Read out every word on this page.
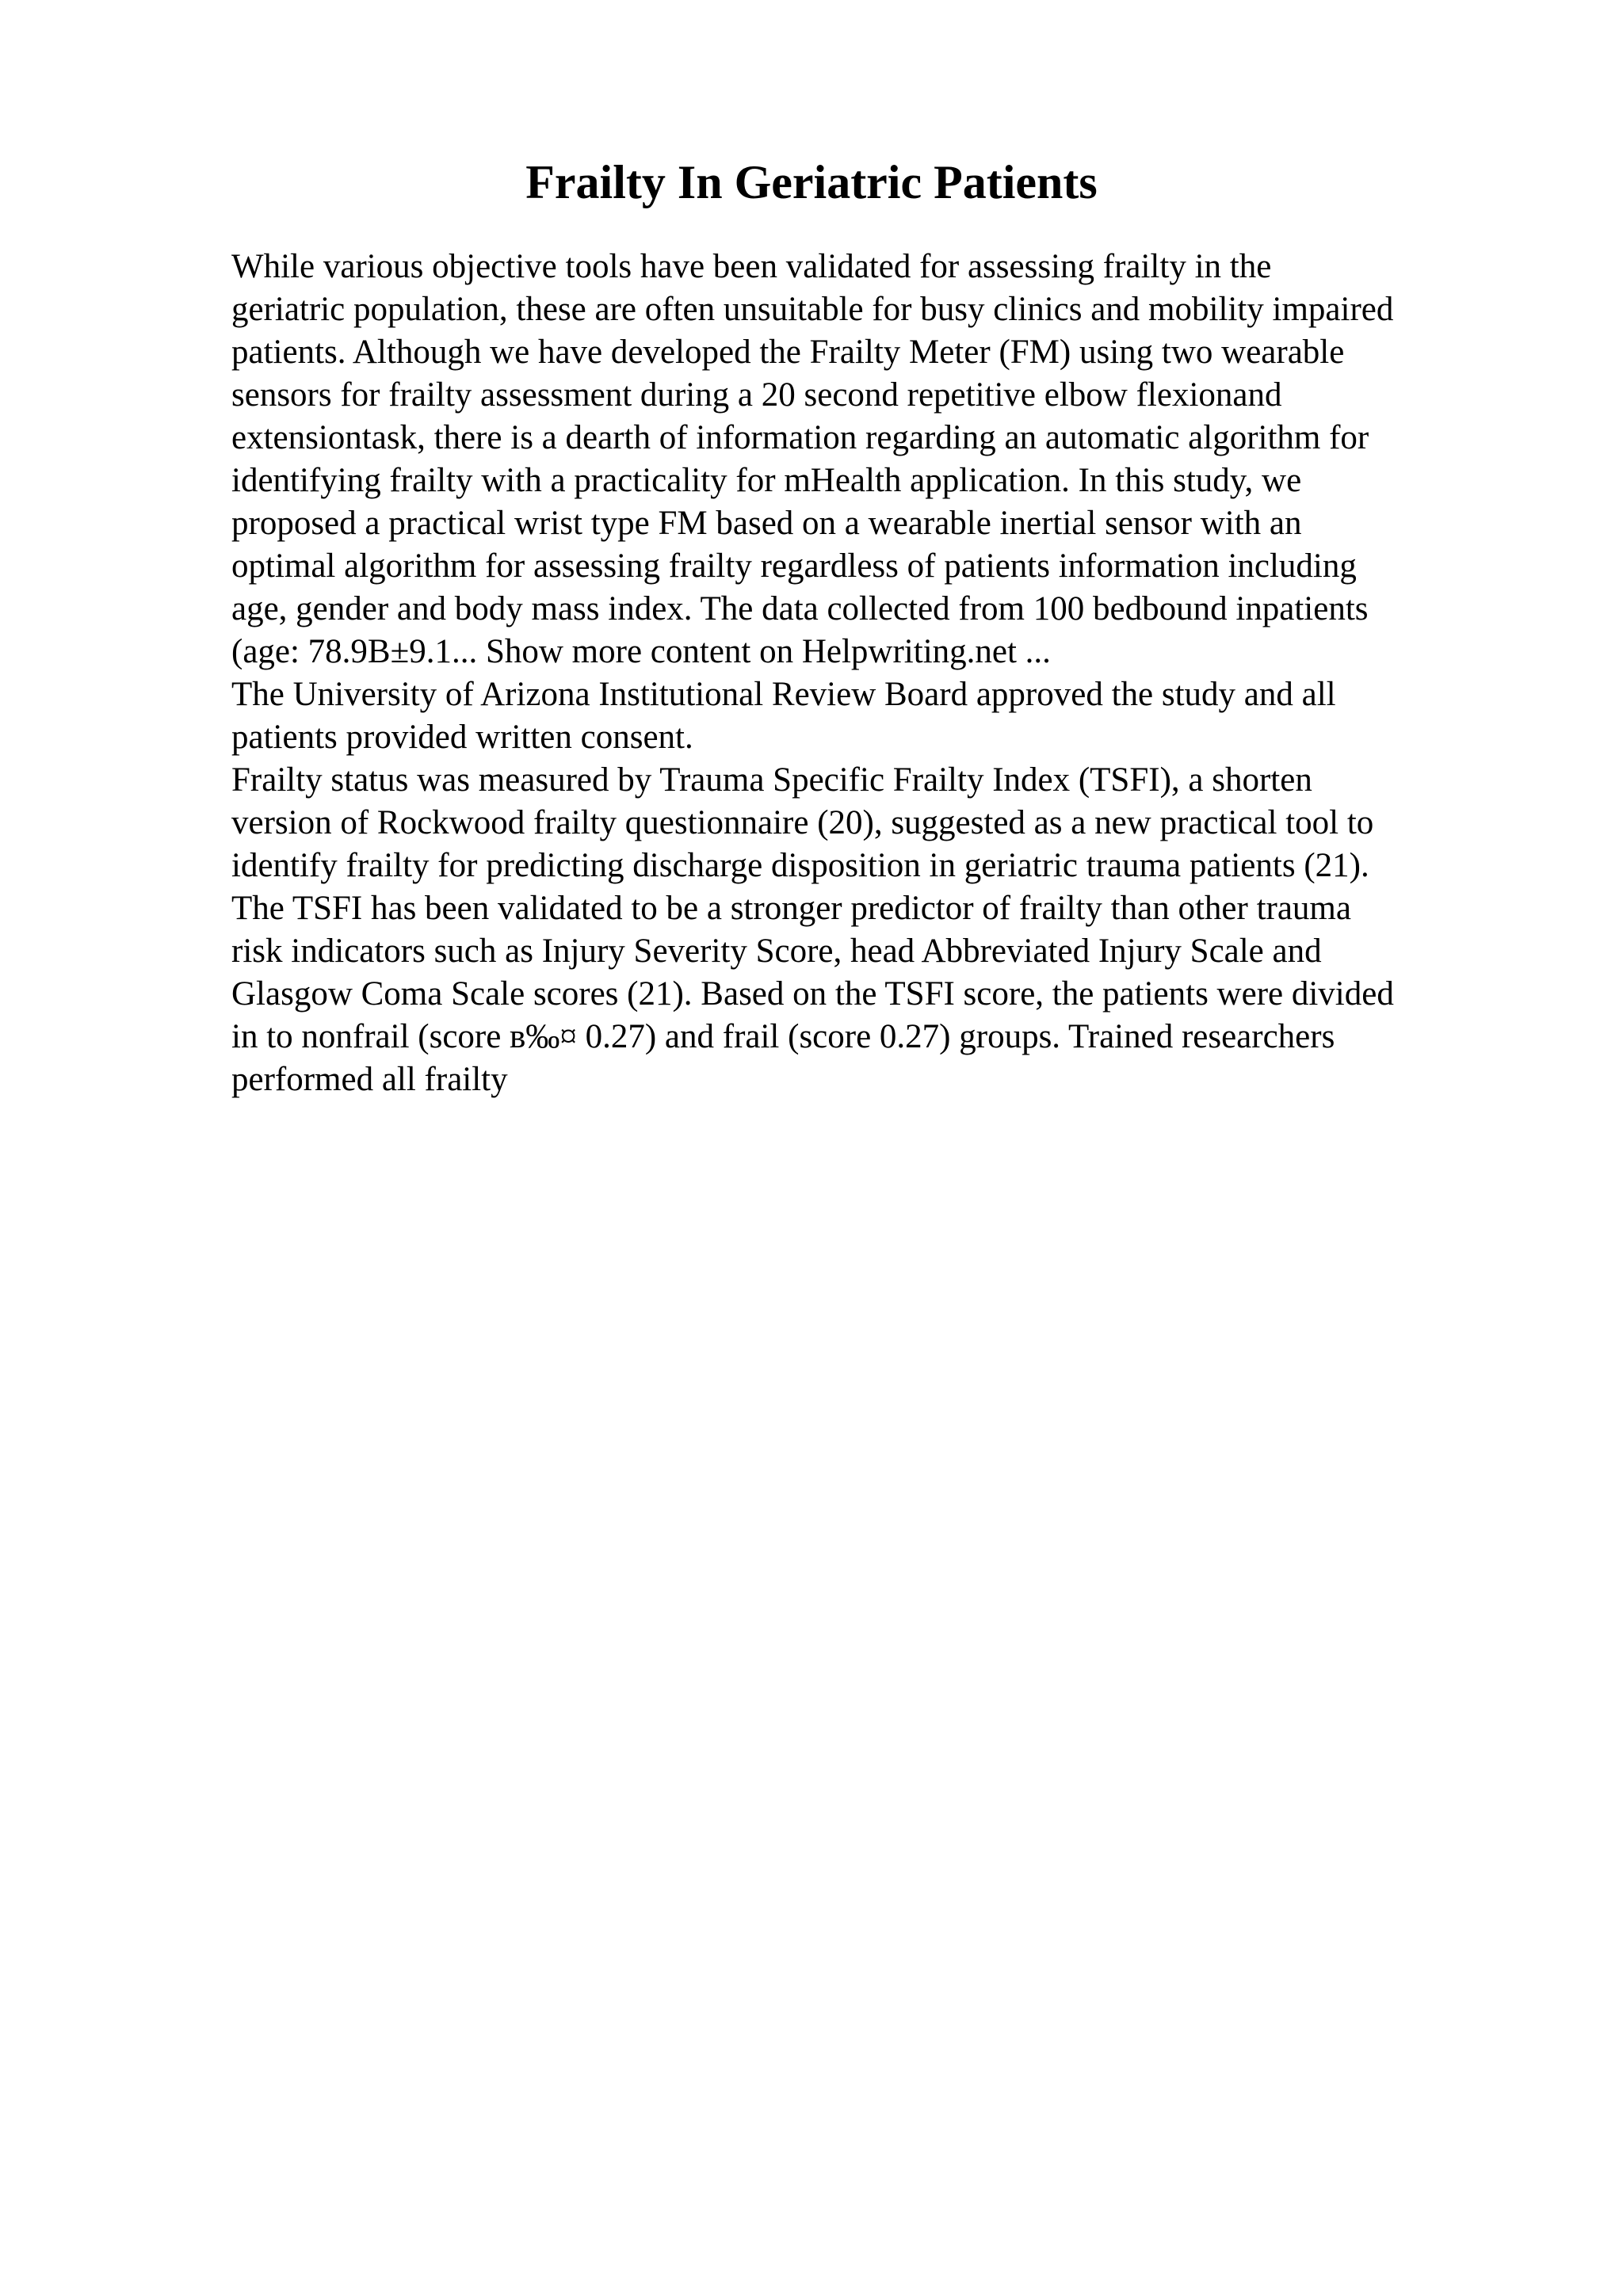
Frailty In Geriatric Patients

While various objective tools have been validated for assessing frailty in the
geriatric population, these are often unsuitable for busy clinics and mobility impaired
patients. Although we have developed the Frailty Meter (FM) using two wearable
sensors for frailty assessment during a 20 second repetitive elbow flexionand
extensiontask, there is a dearth of information regarding an automatic algorithm for
identifying frailty with a practicality for mHealth application. In this study, we
proposed a practical wrist type FM based on a wearable inertial sensor with an
optimal algorithm for assessing frailty regardless of patients information including
age, gender and body mass index. The data collected from 100 bedbound inpatients
(age: 78.9В±9.1... Show more content on Helpwriting.net ...

The University of Arizona Institutional Review Board approved the study and all
patients provided written consent.

Frailty status was measured by Trauma Specific Frailty Index (TSFI), a shorten
version of Rockwood frailty questionnaire (20), suggested as a new practical tool to
identify frailty for predicting discharge disposition in geriatric trauma patients (21).
The TSFI has been validated to be a stronger predictor of frailty than other trauma
risk indicators such as Injury Severity Score, head Abbreviated Injury Scale and
Glasgow Coma Scale scores (21). Based on the TSFI score, the patients were divided
in to nonfrail (score в‰¤ 0.27) and frail (score 0.27) groups. Trained researchers
performed all frailty
